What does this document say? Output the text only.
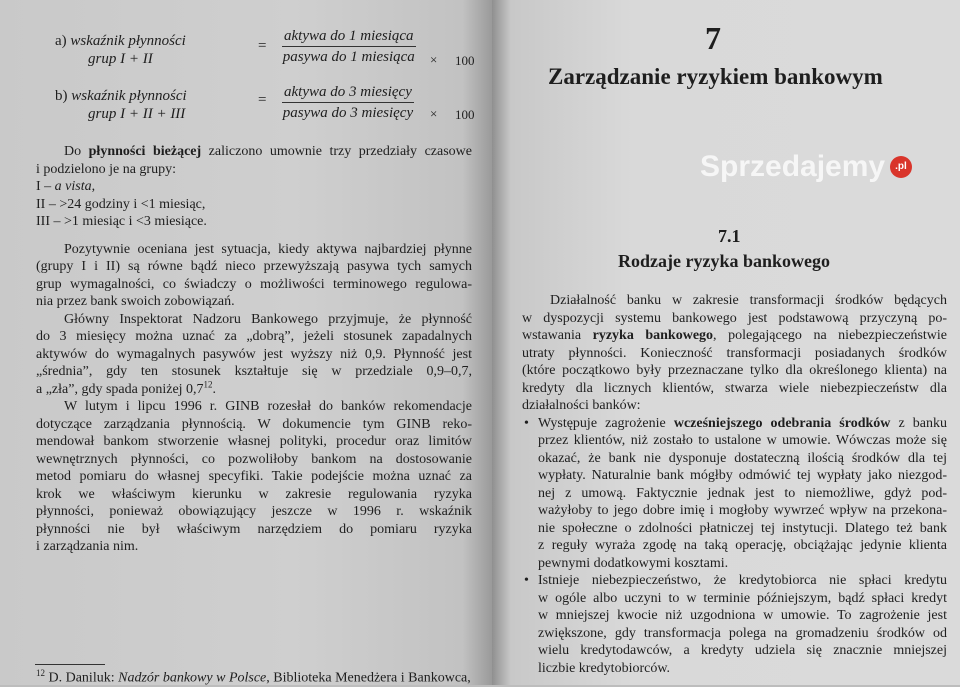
a) wskaźnik płynności
grup I + II
=
aktywa do 1 miesiąca
pasywa do 1 miesiąca × 100
b) wskaźnik płynności
grup I + II + III
= aktywa do 3 miesięcy
pasywa do 3 miesięcy × 100
Do płynności bieżącej zaliczono umownie trzy przedziały czasowe
i podzielono je na grupy:
I – a vista,
II – >24 godziny i <1 miesiąc,
III – >1 miesiąc i <3 miesiące.
Pozytywnie oceniana jest sytuacja, kiedy aktywa najbardziej płynne
(grupy I i II) są równe bądź nieco przewyższają pasywa tych samych
grup wymagalności, co świadczy o możliwości terminowego regulowa-
nia przez bank swoich zobowiązań.
Główny Inspektorat Nadzoru Bankowego przyjmuje, że płynność
do 3 miesięcy można uznać za „dobrą”, jeżeli stosunek zapadalnych
aktywów do wymagalnych pasywów jest wyższy niż 0,9. Płynność jest
„średnia”, gdy ten stosunek kształtuje się w przedziale 0,9–0,7,
a „zła”, gdy spada poniżej $0,7^{12}$.
W lutym i lipcu 1996 r. GINB rozesłał do banków rekomendacje
dotyczące zarządzania płynnością. W dokumencie tym GINB reko-
mendował bankom stworzenie własnej polityki, procedur oraz limitów
wewnętrznych płynności, co pozwoliłoby bankom na dostosowanie
metod pomiaru do własnej specyfiki. Takie podejście można uznać za
krok we właściwym kierunku w zakresie regulowania ryzyka
płynności, ponieważ obowiązujący jeszcze w 1996 r. wskaźnik
płynności nie był właściwym narzędziem do pomiaru ryzyka
i zarządzania nim.
$^{12}$ D. Daniluk: Nadzór bankowy w Polsce, Biblioteka Menedżera i Bankowca,
7
Zarządzanie ryzykiem bankowym
7.1
Rodzaje ryzyka bankowego
Działalność banku w zakresie transformacji środków będących
w dyspozycji systemu bankowego jest podstawową przyczyną po-
wstawania ryzyka bankowego, polegającego na niebezpieczeństwie
utraty płynności. Konieczność transformacji posiadanych środków
(które początkowo były przeznaczane tylko dla określonego klienta) na
kredyty dla licznych klientów, stwarza wiele niebezpieczeństw dla
działalności banków:
• Występuje zagrożenie wcześniejszego odebrania środków z banku
przez klientów, niż zostało to ustalone w umowie. Wówczas może się
okazać, że bank nie dysponuje dostateczną ilością środków dla tej
wypłaty. Naturalnie bank mógłby odmówić tej wypłaty jako niezgod-
nej z umową. Faktycznie jednak jest to niemożliwe, gdyż pod-
ważyłoby to jego dobre imię i mogłoby wywrzeć wpływ na przekona-
nie społeczne o zdolności płatniczej tej instytucji. Dlatego też bank
z reguły wyraża zgodę na taką operację, obciążając jedynie klienta
pewnymi dodatkowymi kosztami.
• Istnieje niebezpieczeństwo, że kredytobiorca nie spłaci kredytu
w ogóle albo uczyni to w terminie późniejszym, bądź spłaci kredyt
w mniejszej kwocie niż uzgodniona w umowie. To zagrożenie jest
zwiększone, gdy transformacja polega na gromadzeniu środków od
wielu kredytodawców, a kredyty udziela się znacznie mniejszej
liczbie kredytobiorców.
Sprzedajemy	.pl
